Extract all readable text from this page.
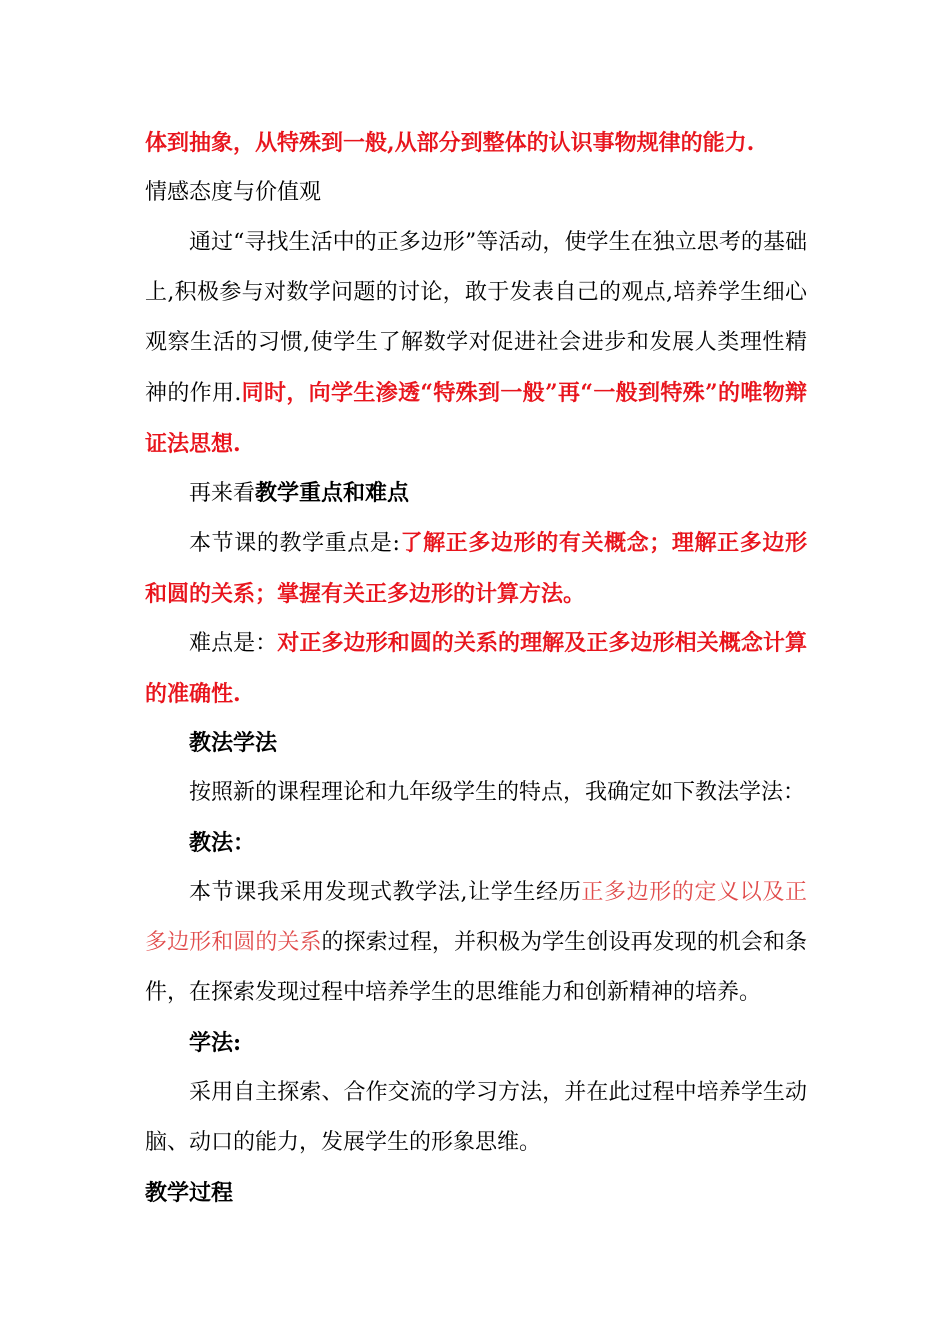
体到抽象，从特殊到一般,从部分到整体的认识事物规律的能力.

情感态度与价值观

通过“寻找生活中的正多边形”等活动，使学生在独立思考的基础上,积极参与对数学问题的讨论，敢于发表自己的观点,培养学生细心观察生活的习惯,使学生了解数学对促进社会进步和发展人类理性精神的作用.同时，向学生渗透“特殊到一般”再“一般到特殊”的唯物辩证法思想.

再来看教学重点和难点

本节课的教学重点是:了解正多边形的有关概念；理解正多边形和圆的关系；掌握有关正多边形的计算方法。

难点是：对正多边形和圆的关系的理解及正多边形相关概念计算的准确性.

教法学法

按照新的课程理论和九年级学生的特点，我确定如下教法学法：

教法：

本节课我采用发现式教学法,让学生经历正多边形的定义以及正多边形和圆的关系的探索过程，并积极为学生创设再发现的机会和条件，在探索发现过程中培养学生的思维能力和创新精神的培养。

学法:

采用自主探索、合作交流的学习方法，并在此过程中培养学生动脑、动口的能力，发展学生的形象思维。

教学过程
